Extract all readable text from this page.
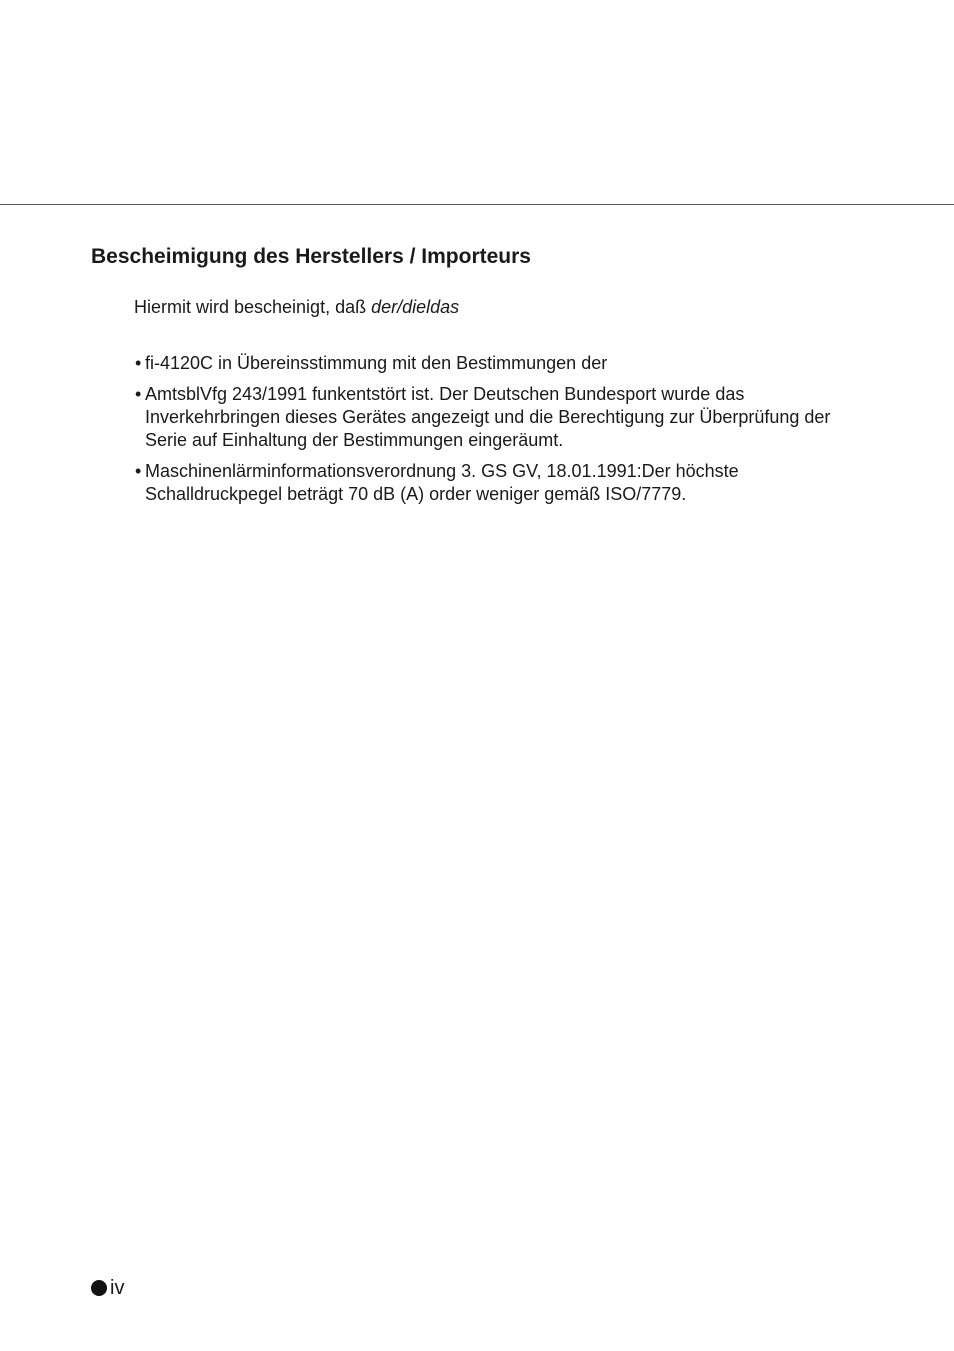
Bescheimigung des Herstellers / Importeurs

Hiermit wird bescheinigt, daß der/dieldas

• fi-4120C in Übereinsstimmung mit den Bestimmungen der
• AmtsblVfg 243/1991 funkentstört ist. Der Deutschen Bundesport wurde das Inverkehrbringen dieses Gerätes angezeigt und die Berechtigung zur Überprüfung der Serie auf Einhaltung der Bestimmungen eingeräumt.
• Maschinenlärminformationsverordnung 3. GS GV, 18.01.1991:Der höchste Schalldruckpegel beträgt 70 dB (A) order weniger gemäß ISO/7779.
iv
